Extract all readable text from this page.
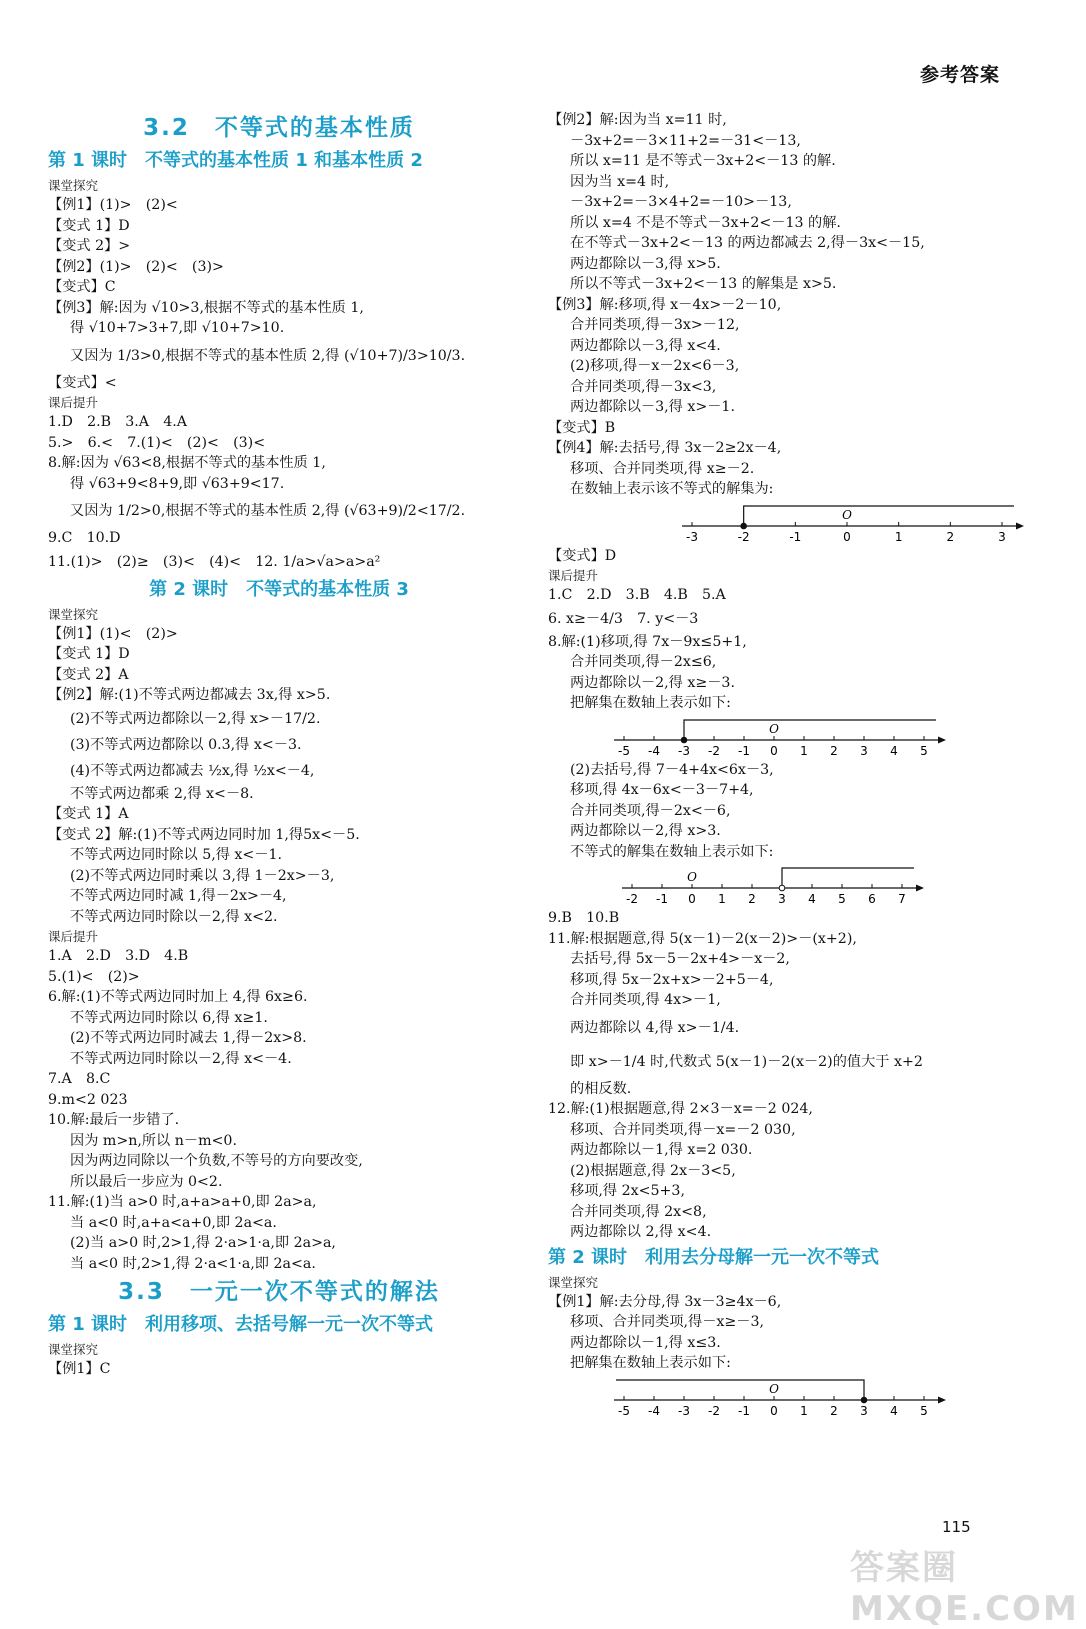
参考答案
3.2　不等式的基本性质
第 1 课时　不等式的基本性质 1 和基本性质 2
课堂探究
【例1】(1)>　(2)<
【变式 1】D
【变式 2】>
【例2】(1)>　(2)<　(3)>
【变式】C
【例3】解:因为 √10>3,根据不等式的基本性质 1,
得 √10+7>3+7,即 √10+7>10.
又因为 1/3>0,根据不等式的基本性质 2,得 (√10+7)/3>10/3.
【变式】<
课后提升
1.D　2.B　3.A　4.A
5.>　6.<　7.(1)<　(2)<　(3)<
8.解:因为 √63<8,根据不等式的基本性质 1,
得 √63+9<8+9,即 √63+9<17.
又因为 1/2>0,根据不等式的基本性质 2,得 (√63+9)/2<17/2.
9.C　10.D
11.(1)>　(2)≥　(3)<　(4)<　12. 1/a>√a>a>a²
第 2 课时　不等式的基本性质 3
课堂探究
【例1】(1)<　(2)>
【变式 1】D
【变式 2】A
【例2】解:(1)不等式两边都减去 3x,得 x>5.
(2)不等式两边都除以－2,得 x>－17/2.
(3)不等式两边都除以 0.3,得 x<－3.
(4)不等式两边都减去 ½x,得 ½x<－4,
不等式两边都乘 2,得 x<－8.
【变式 1】A
【变式 2】解:(1)不等式两边同时加 1,得5x<－5.
不等式两边同时除以 5,得 x<－1.
(2)不等式两边同时乘以 3,得 1－2x>－3,
不等式两边同时减 1,得－2x>－4,
不等式两边同时除以－2,得 x<2.
课后提升
1.A　2.D　3.D　4.B
5.(1)<　(2)>
6.解:(1)不等式两边同时加上 4,得 6x≥6.
不等式两边同时除以 6,得 x≥1.
(2)不等式两边同时减去 1,得－2x>8.
不等式两边同时除以－2,得 x<－4.
7.A　8.C
9.m<2 023
10.解:最后一步错了.
因为 m>n,所以 n－m<0.
因为两边同除以一个负数,不等号的方向要改变,
所以最后一步应为 0<2.
11.解:(1)当 a>0 时,a+a>a+0,即 2a>a,
当 a<0 时,a+a<a+0,即 2a<a.
(2)当 a>0 时,2>1,得 2·a>1·a,即 2a>a,
当 a<0 时,2>1,得 2·a<1·a,即 2a<a.
3.3　一元一次不等式的解法
第 1 课时　利用移项、去括号解一元一次不等式
课堂探究
【例1】C
【例2】解:因为当 x=11 时,
－3x+2=－3×11+2=－31<－13,
所以 x=11 是不等式－3x+2<－13 的解.
因为当 x=4 时,
－3x+2=－3×4+2=－10>－13,
所以 x=4 不是不等式－3x+2<－13 的解.
在不等式－3x+2<－13 的两边都减去 2,得－3x<－15,
两边都除以－3,得 x>5.
所以不等式－3x+2<－13 的解集是 x>5.
【例3】解:移项,得 x－4x>－2－10,
合并同类项,得－3x>－12,
两边都除以－3,得 x<4.
(2)移项,得－x－2x<6－3,
合并同类项,得－3x<3,
两边都除以－3,得 x>－1.
【变式】B
【例4】解:去括号,得 3x－2≥2x－4,
移项、合并同类项,得 x≥－2.
在数轴上表示该不等式的解集为:
-3	-2	-1	0	1	2	3
O
【变式】D
课后提升
1.C　2.D　3.B　4.B　5.A
6. x≥－4/3　7. y<－3
8.解:(1)移项,得 7x－9x≤5+1,
合并同类项,得－2x≤6,
两边都除以－2,得 x≥－3.
把解集在数轴上表示如下:
-5 -4 -3 -2 -1 0 1 2 3 4 5
O
(2)去括号,得 7－4+4x<6x－3,
移项,得 4x－6x<－3－7+4,
合并同类项,得－2x<－6,
两边都除以－2,得 x>3.
不等式的解集在数轴上表示如下:
-2 -1 0 1 2 3 4 5 6 7
O
9.B　10.B
11.解:根据题意,得 5(x－1)－2(x－2)>－(x+2),
去括号,得 5x－5－2x+4>－x－2,
移项,得 5x－2x+x>－2+5－4,
合并同类项,得 4x>－1,
两边都除以 4,得 x>－1/4.
即 x>－1/4 时,代数式 5(x－1)－2(x－2)的值大于 x+2
的相反数.
12.解:(1)根据题意,得 2×3－x=－2 024,
移项、合并同类项,得－x=－2 030,
两边都除以－1,得 x=2 030.
(2)根据题意,得 2x－3<5,
移项,得 2x<5+3,
合并同类项,得 2x<8,
两边都除以 2,得 x<4.
第 2 课时　利用去分母解一元一次不等式
课堂探究
【例1】解:去分母,得 3x－3≥4x－6,
移项、合并同类项,得－x≥－3,
两边都除以－1,得 x≤3.
把解集在数轴上表示如下:
-5 -4 -3 -2 -1 0 1 2 3 4 5
O
115
答案圈 MXQE.COM
